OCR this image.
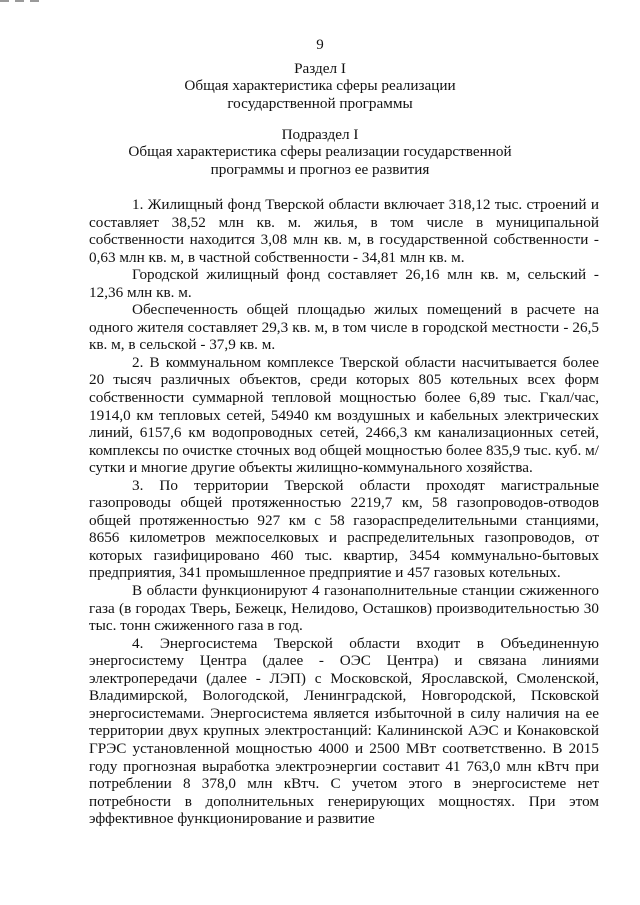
9
Раздел I
Общая характеристика сферы реализации
государственной программы
Подраздел I
Общая характеристика сферы реализации государственной
программы и прогноз ее развития

1. Жилищный фонд Тверской области включает 318,12 тыс. строений и составляет 38,52 млн кв. м. жилья, в том числе в муниципальной собственности находится 3,08 млн кв. м, в государственной собственности - 0,63 млн кв. м, в частной собственности - 34,81 млн кв. м.

Городской жилищный фонд составляет 26,16 млн кв. м, сельский - 12,36 млн кв. м.

Обеспеченность общей площадью жилых помещений в расчете на одного жителя составляет 29,3 кв. м, в том числе в городской местности - 26,5 кв. м, в сельской - 37,9 кв. м.

2. В коммунальном комплексе Тверской области насчитывается более 20 тысяч различных объектов, среди которых 805 котельных всех форм собственности суммарной тепловой мощностью более 6,89 тыс. Гкал/час, 1914,0 км тепловых сетей, 54940 км воздушных и кабельных электрических линий, 6157,6 км водопроводных сетей, 2466,3 км канализационных сетей, комплексы по очистке сточных вод общей мощностью более 835,9 тыс. куб. м/сутки и многие другие объекты жилищно-коммунального хозяйства.

3. По территории Тверской области проходят магистральные газопроводы общей протяженностью 2219,7 км, 58 газопроводов-отводов общей протяженностью 927 км с 58 газораспределительными станциями, 8656 километров межпоселковых и распределительных газопроводов, от которых газифицировано 460 тыс. квартир, 3454 коммунально-бытовых предприятия, 341 промышленное предприятие и 457 газовых котельных.

В области функционируют 4 газонаполнительные станции сжиженного газа (в городах Тверь, Бежецк, Нелидово, Осташков) производительностью 30 тыс. тонн сжиженного газа в год.

4. Энергосистема Тверской области входит в Объединенную энергосистему Центра (далее - ОЭС Центра) и связана линиями электропередачи (далее - ЛЭП) с Московской, Ярославской, Смоленской, Владимирской, Вологодской, Ленинградской, Новгородской, Псковской энергосистемами. Энергосистема является избыточной в силу наличия на ее территории двух крупных электростанций: Калининской АЭС и Конаковской ГРЭС установленной мощностью 4000 и 2500 МВт соответственно. В 2015 году прогнозная выработка электроэнергии составит 41 763,0 млн кВтч при потреблении 8 378,0 млн кВтч. С учетом этого в энергосистеме нет потребности в дополнительных генерирующих мощностях. При этом эффективное функционирование и развитие
